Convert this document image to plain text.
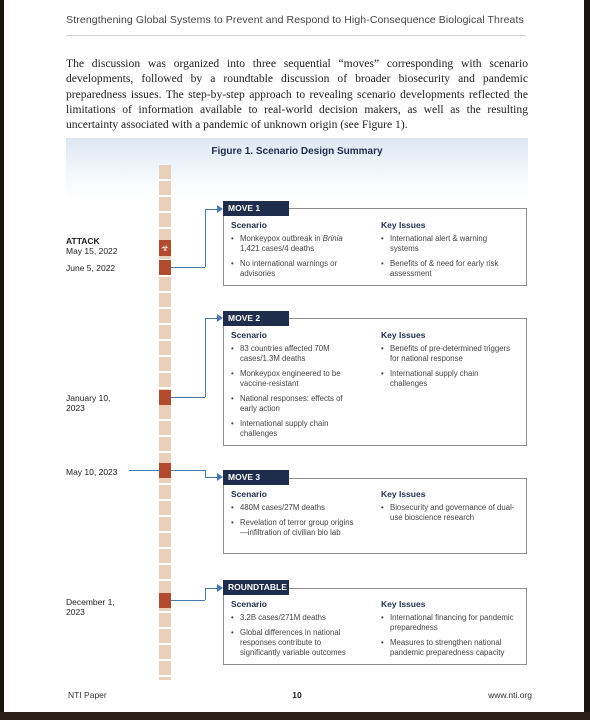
Strengthening Global Systems to Prevent and Respond to High-Consequence Biological Threats
The discussion was organized into three sequential “moves” corresponding with scenario developments, followed by a roundtable discussion of broader biosecurity and pandemic preparedness issues. The step-by-step approach to revealing scenario developments reflected the limitations of information available to real-world decision makers, as well as the resulting uncertainty associated with a pandemic of unknown origin (see Figure 1).
Figure 1. Scenario Design Summary
☣
ATTACK
May 15, 2022
June 5, 2022
January 10,
2023
May 10, 2023
December 1,
2023
MOVE 1
Scenario
• Monkeypox outbreak in Brinia
1,421 cases/4 deaths
• No international warnings or advisories
Key Issues
• International alert & warning systems
• Benefits of & need for early risk assessment
MOVE 2
Scenario
• 83 countries affected 70M cases/1.3M deaths
• Monkeypox engineered to be vaccine-resistant
• National responses: effects of early action
• International supply chain challenges
Key Issues
• Benefits of pre-determined triggers for national response
• International supply chain challenges
MOVE 3
Scenario
• 480M cases/27M deaths
• Revelation of terror group origins—infiltration of civilian bio lab
Key Issues
• Biosecurity and governance of dual-use bioscience research
ROUNDTABLE
Scenario
• 3.2B cases/271M deaths
• Global differences in national responses contribute to significantly variable outcomes
Key Issues
• International financing for pandemic preparedness
• Measures to strengthen national pandemic preparedness capacity
NTI Paper	10	www.nti.org
